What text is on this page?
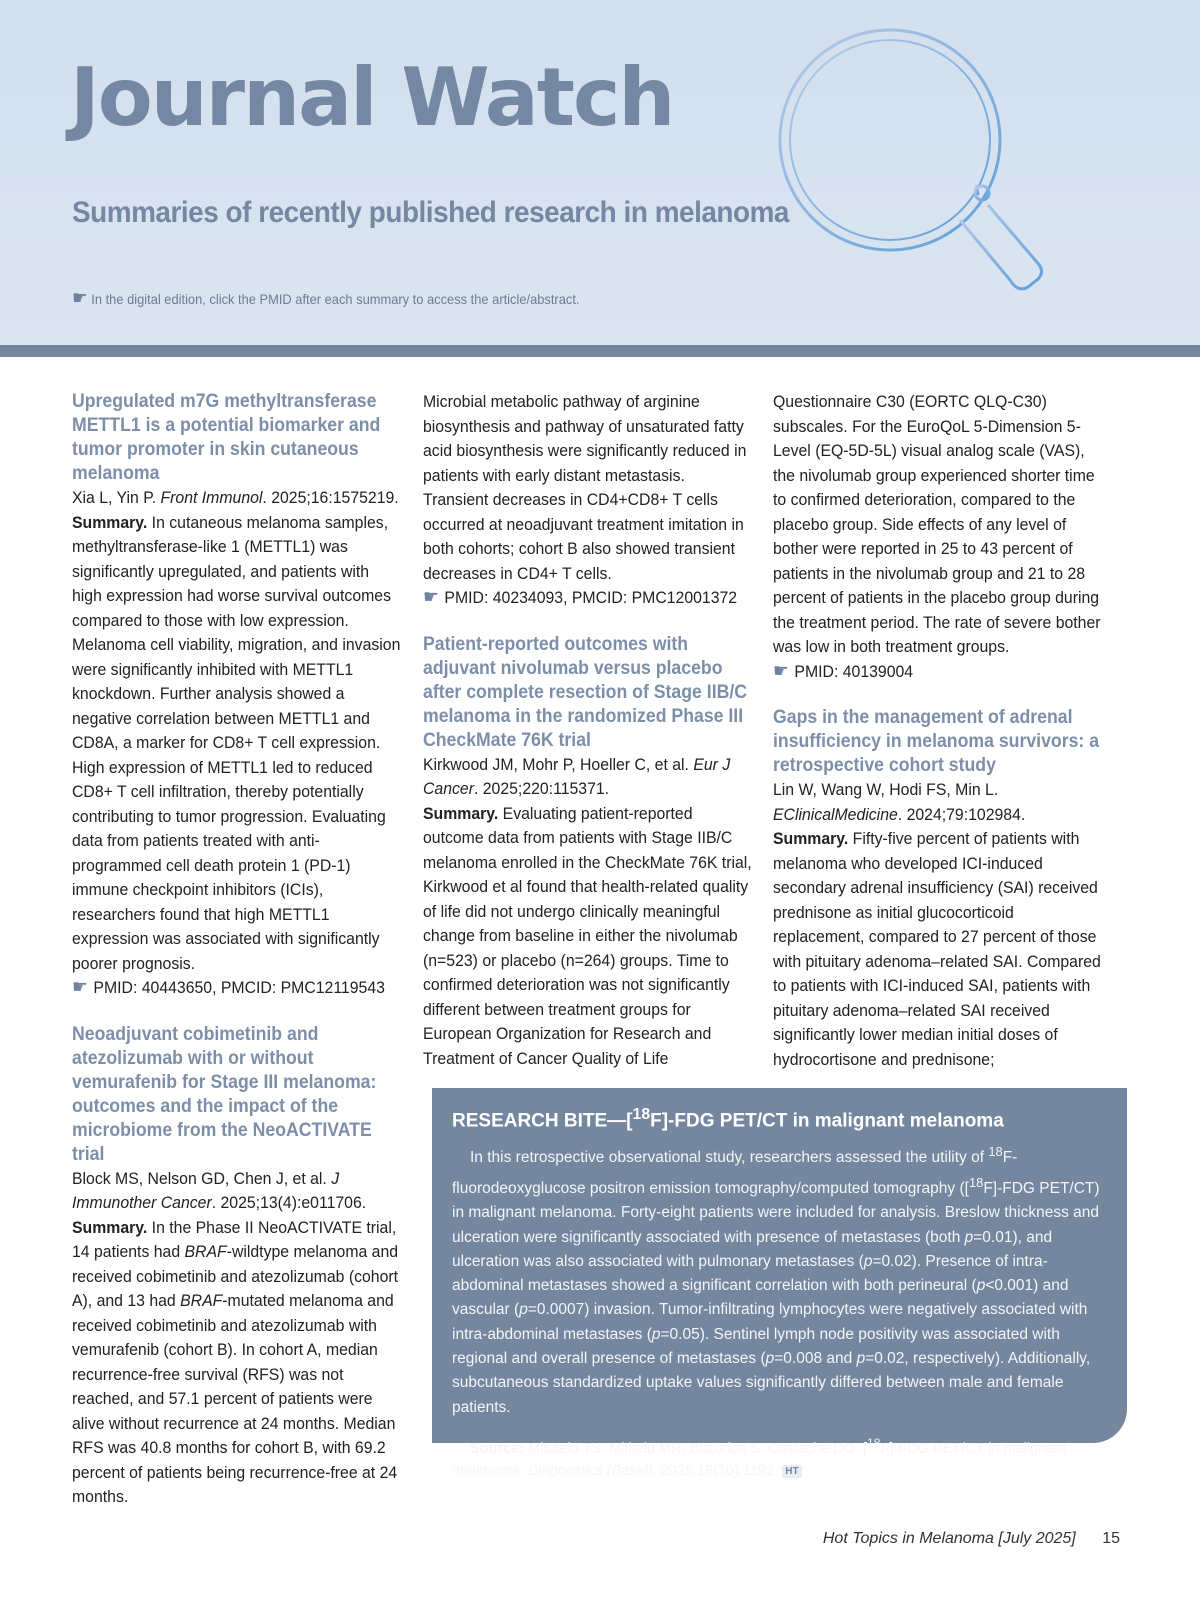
Journal Watch
Summaries of recently published research in melanoma
☛ In the digital edition, click the PMID after each summary to access the article/abstract.

Upregulated m7G methyltransferase METTL1 is a potential biomarker and tumor promoter in skin cutaneous melanoma

Xia L, Yin P. Front Immunol. 2025;16:1575219.

Summary. In cutaneous melanoma samples, methyltransferase-like 1 (METTL1) was significantly upregulated, and patients with high expression had worse survival outcomes compared to those with low expression. Melanoma cell viability, migration, and invasion were significantly inhibited with METTL1 knockdown. Further analysis showed a negative correlation between METTL1 and CD8A, a marker for CD8+ T cell expression. High expression of METTL1 led to reduced CD8+ T cell infiltration, thereby potentially contributing to tumor progression. Evaluating data from patients treated with anti-programmed cell death protein 1 (PD-1) immune checkpoint inhibitors (ICIs), researchers found that high METTL1 expression was associated with significantly poorer prognosis.

☛ PMID: 40443650, PMCID: PMC12119543

Neoadjuvant cobimetinib and atezolizumab with or without vemurafenib for Stage III melanoma: outcomes and the impact of the microbiome from the NeoACTIVATE trial

Block MS, Nelson GD, Chen J, et al. J Immunother Cancer. 2025;13(4):e011706.

Summary. In the Phase II NeoACTIVATE trial, 14 patients had BRAF-wildtype melanoma and received cobimetinib and atezolizumab (cohort A), and 13 had BRAF-mutated melanoma and received cobimetinib and atezolizumab with vemurafenib (cohort B). In cohort A, median recurrence-free survival (RFS) was not reached, and 57.1 percent of patients were alive without recurrence at 24 months. Median RFS was 40.8 months for cohort B, with 69.2 percent of patients being recurrence-free at 24 months.

Microbial metabolic pathway of arginine biosynthesis and pathway of unsaturated fatty acid biosynthesis were significantly reduced in patients with early distant metastasis. Transient decreases in CD4+CD8+ T cells occurred at neoadjuvant treatment imitation in both cohorts; cohort B also showed transient decreases in CD4+ T cells.

☛ PMID: 40234093, PMCID: PMC12001372

Patient-reported outcomes with adjuvant nivolumab versus placebo after complete resection of Stage IIB/C melanoma in the randomized Phase III CheckMate 76K trial

Kirkwood JM, Mohr P, Hoeller C, et al. Eur J Cancer. 2025;220:115371.

Summary. Evaluating patient-reported outcome data from patients with Stage IIB/C melanoma enrolled in the CheckMate 76K trial, Kirkwood et al found that health-related quality of life did not undergo clinically meaningful change from baseline in either the nivolumab (n=523) or placebo (n=264) groups. Time to confirmed deterioration was not significantly different between treatment groups for European Organization for Research and Treatment of Cancer Quality of Life

Questionnaire C30 (EORTC QLQ-C30) subscales. For the EuroQoL 5-Dimension 5-Level (EQ-5D-5L) visual analog scale (VAS), the nivolumab group experienced shorter time to confirmed deterioration, compared to the placebo group. Side effects of any level of bother were reported in 25 to 43 percent of patients in the nivolumab group and 21 to 28 percent of patients in the placebo group during the treatment period. The rate of severe bother was low in both treatment groups.

☛ PMID: 40139004

Gaps in the management of adrenal insufficiency in melanoma survivors: a retrospective cohort study

Lin W, Wang W, Hodi FS, Min L. EClinicalMedicine. 2024;79:102984.

Summary. Fifty-five percent of patients with melanoma who developed ICI-induced secondary adrenal insufficiency (SAI) received prednisone as initial glucocorticoid replacement, compared to 27 percent of those with pituitary adenoma–related SAI. Compared to patients with ICI-induced SAI, patients with pituitary adenoma–related SAI received significantly lower median initial doses of hydrocortisone and prednisone;

RESEARCH BITE—[$^{18}$F]-FDG PET/CT in malignant melanoma

In this retrospective observational study, researchers assessed the utility of $^{18}$F-fluorodeoxyglucose positron emission tomography/computed tomography ([$^{18}$F]-FDG PET/CT) in malignant melanoma. Forty-eight patients were included for analysis. Breslow thickness and ulceration were significantly associated with presence of metastases (both p=0.01), and ulceration was also associated with pulmonary metastases (p=0.02). Presence of intra-abdominal metastases showed a significant correlation with both perineural (p<0.001) and vascular (p=0.0007) invasion. Tumor-infiltrating lymphocytes were negatively associated with intra-abdominal metastases (p=0.05). Sentinel lymph node positivity was associated with regional and overall presence of metastases (p=0.008 and p=0.02, respectively). Additionally, subcutaneous standardized uptake values significantly differed between male and female patients.

Source: Mitutelu TS, Mititelu MR, Bucurica S, Costache DO. [$^{18}$F]-FDG PET/CT in malignant melanoma. Diagnostics (Basel). 2025;15(10):1192. HT

Hot Topics in Melanoma [July 2025] 15
